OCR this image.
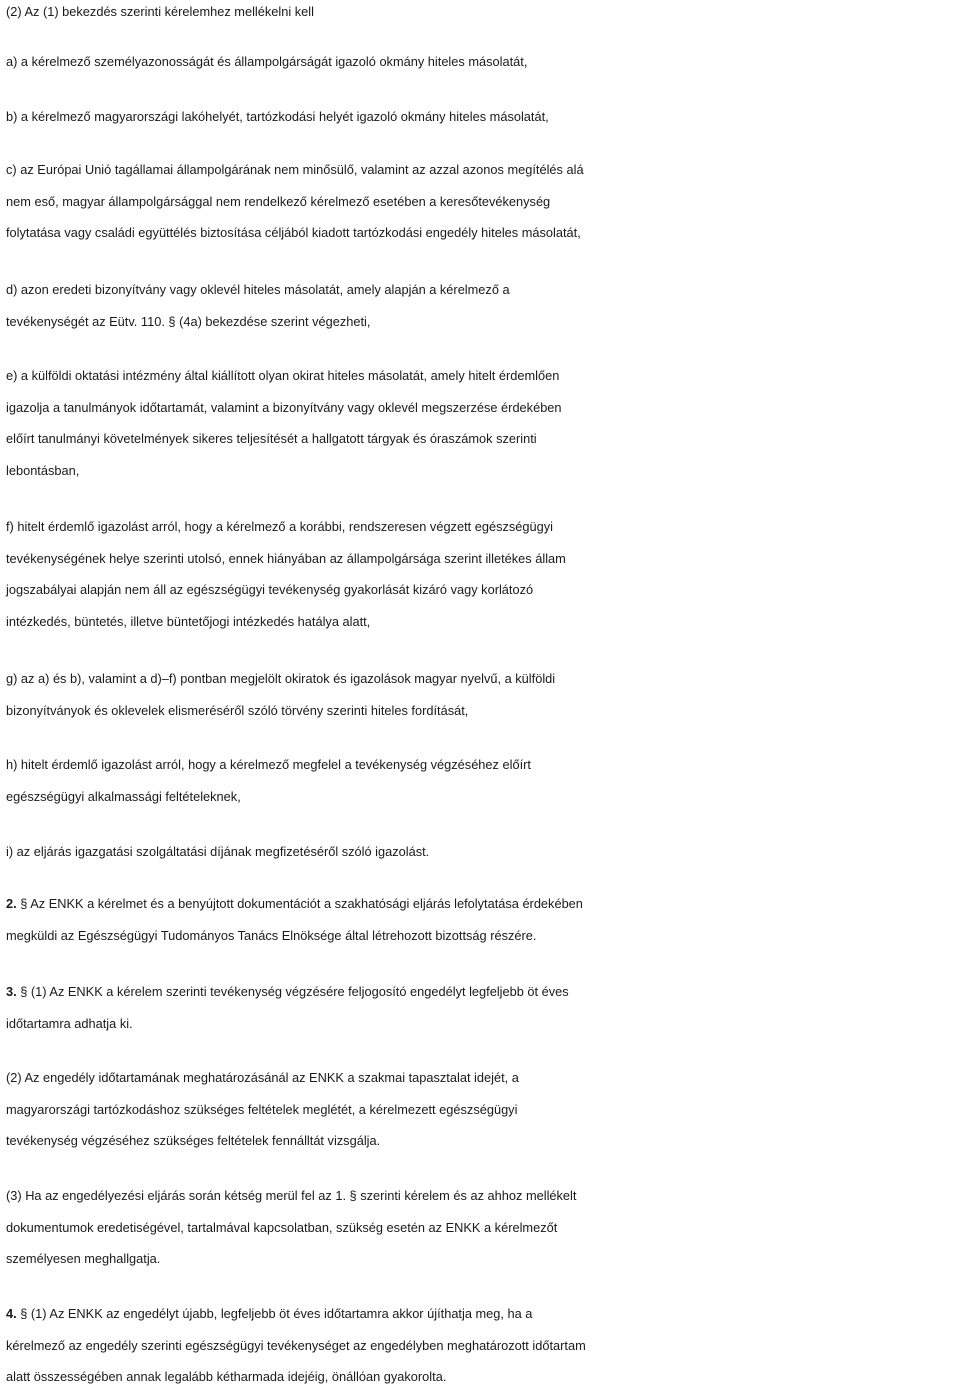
(2) Az (1) bekezdés szerinti kérelemhez mellékelni kell
a) a kérelmező személyazonosságát és állampolgárságát igazoló okmány hiteles másolatát,
b) a kérelmező magyarországi lakóhelyét, tartózkodási helyét igazoló okmány hiteles másolatát,
c) az Európai Unió tagállamai állampolgárának nem minősülő, valamint az azzal azonos megítélés alá
nem eső, magyar állampolgársággal nem rendelkező kérelmező esetében a keresőtevékenység
folytatása vagy családi együttélés biztosítása céljából kiadott tartózkodási engedély hiteles másolatát,
d) azon eredeti bizonyítvány vagy oklevél hiteles másolatát, amely alapján a kérelmező a
tevékenységét az Eütv. 110. § (4a) bekezdése szerint végezheti,
e) a külföldi oktatási intézmény által kiállított olyan okirat hiteles másolatát, amely hitelt érdemlően
igazolja a tanulmányok időtartamát, valamint a bizonyítvány vagy oklevél megszerzése érdekében
előírt tanulmányi követelmények sikeres teljesítését a hallgatott tárgyak és óraszámok szerinti
lebontásban,
f) hitelt érdemlő igazolást arról, hogy a kérelmező a korábbi, rendszeresen végzett egészségügyi
tevékenységének helye szerinti utolsó, ennek hiányában az állampolgársága szerint illetékes állam
jogszabályai alapján nem áll az egészségügyi tevékenység gyakorlását kizáró vagy korlátozó
intézkedés, büntetés, illetve büntetőjogi intézkedés hatálya alatt,
g) az a) és b), valamint a d)–f) pontban megjelölt okiratok és igazolások magyar nyelvű, a külföldi
bizonyítványok és oklevelek elismeréséről szóló törvény szerinti hiteles fordítását,
h) hitelt érdemlő igazolást arról, hogy a kérelmező megfelel a tevékenység végzéséhez előírt
egészségügyi alkalmassági feltételeknek,
i) az eljárás igazgatási szolgáltatási díjának megfizetéséről szóló igazolást.
2. § Az ENKK a kérelmet és a benyújtott dokumentációt a szakhatósági eljárás lefolytatása érdekében
megküldi az Egészségügyi Tudományos Tanács Elnöksége által létrehozott bizottság részére.
3. § (1) Az ENKK a kérelem szerinti tevékenység végzésére feljogosító engedélyt legfeljebb öt éves
időtartamra adhatja ki.
(2) Az engedély időtartamának meghatározásánál az ENKK a szakmai tapasztalat idejét, a
magyarországi tartózkodáshoz szükséges feltételek meglétét, a kérelmezett egészségügyi
tevékenység végzéséhez szükséges feltételek fennálltát vizsgálja.
(3) Ha az engedélyezési eljárás során kétség merül fel az 1. § szerinti kérelem és az ahhoz mellékelt
dokumentumok eredetiségével, tartalmával kapcsolatban, szükség esetén az ENKK a kérelmezőt
személyesen meghallgatja.
4. § (1) Az ENKK az engedélyt újabb, legfeljebb öt éves időtartamra akkor újíthatja meg, ha a
kérelmező az engedély szerinti egészségügyi tevékenységet az engedélyben meghatározott időtartam
alatt összességében annak legalább kétharmada idejéig, önállóan gyakorolta.
